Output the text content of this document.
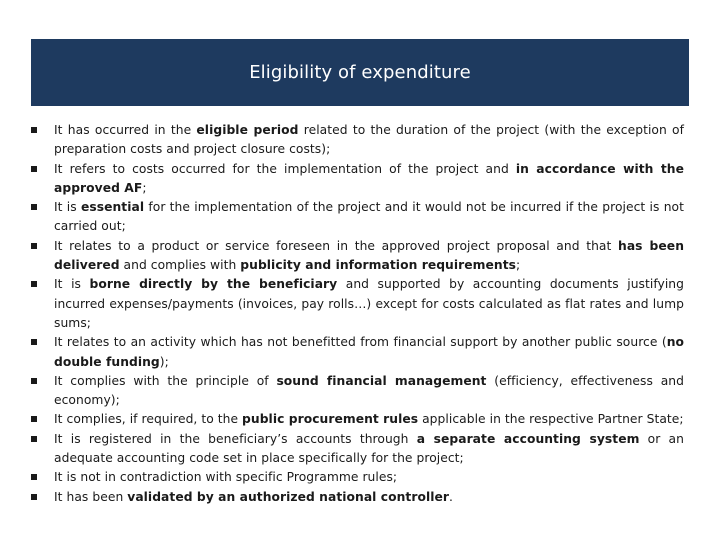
Eligibility of expenditure
It has occurred in the eligible period related to the duration of the project (with the exception of preparation costs and project closure costs);
It refers to costs occurred for the implementation of the project and in accordance with the approved AF;
It is essential for the implementation of the project and it would not be incurred if the project is not carried out;
It relates to a product or service foreseen in the approved project proposal and that has been delivered and complies with publicity and information requirements;
It is borne directly by the beneficiary and supported by accounting documents justifying incurred expenses/payments (invoices, pay rolls…) except for costs calculated as flat rates and lump sums;
It relates to an activity which has not benefitted from financial support by another public source (no double funding);
It complies with the principle of sound financial management (efficiency, effectiveness and economy);
It complies, if required, to the public procurement rules applicable in the respective Partner State;
It is registered in the beneficiary’s accounts through a separate accounting system or an adequate accounting code set in place specifically for the project;
It is not in contradiction with specific Programme rules;
It has been validated by an authorized national controller.
